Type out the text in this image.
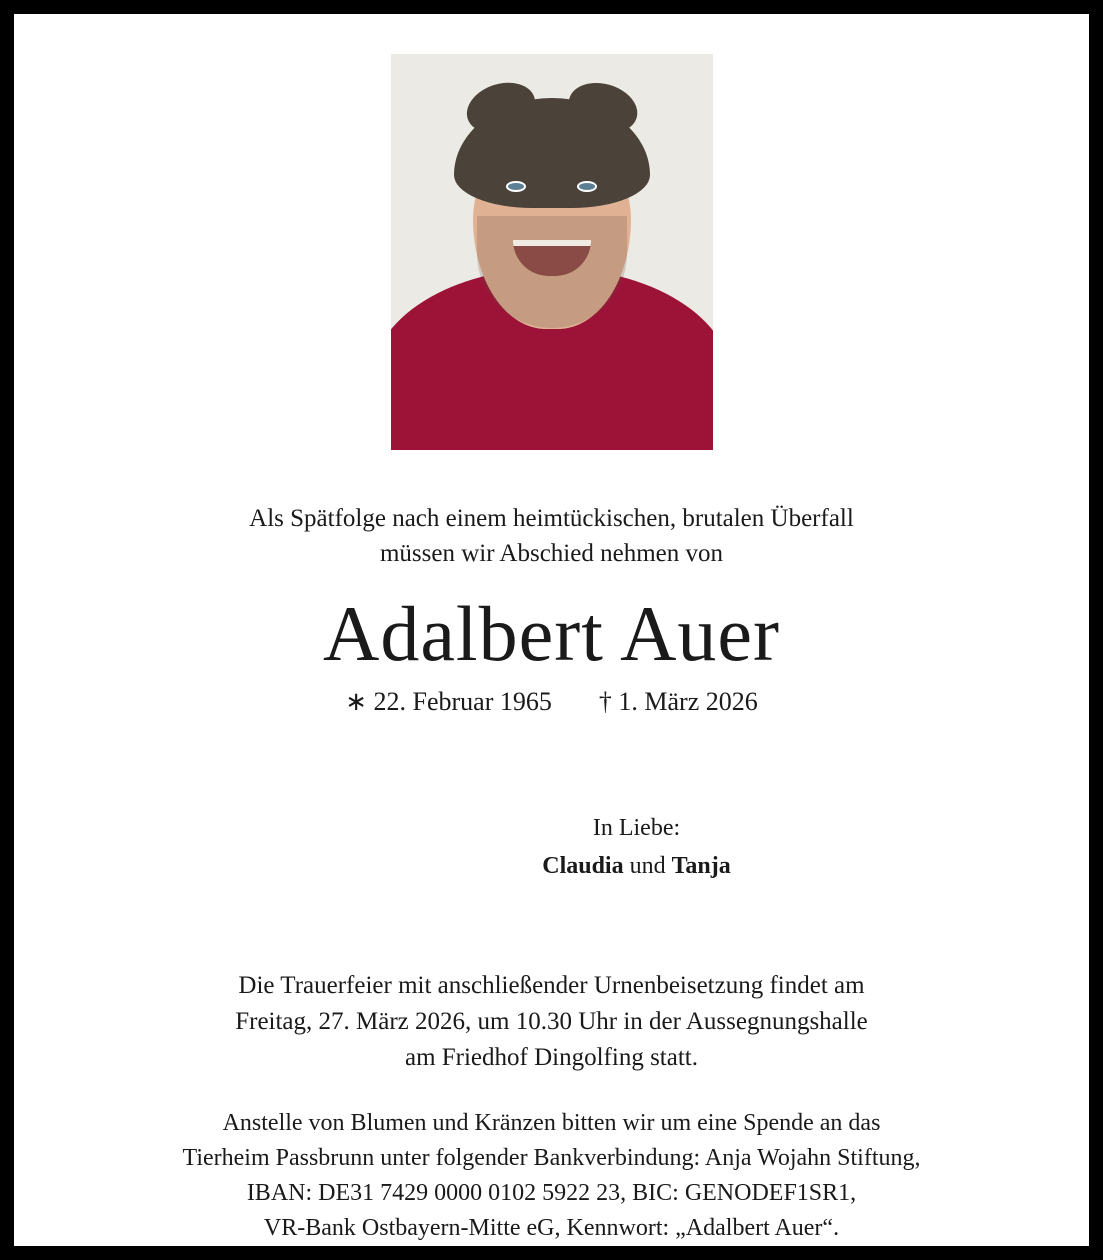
Als Spätfolge nach einem heimtückischen, brutalen Überfall
müssen wir Abschied nehmen von
Adalbert Auer
∗ 22. Februar 1965 † 1. März 2026
In Liebe:
Claudia und Tanja
Die Trauerfeier mit anschließender Urnenbeisetzung findet am
Freitag, 27. März 2026, um 10.30 Uhr in der Aussegnungshalle
am Friedhof Dingolfing statt.
Anstelle von Blumen und Kränzen bitten wir um eine Spende an das
Tierheim Passbrunn unter folgender Bankverbindung: Anja Wojahn Stiftung,
IBAN: DE31 7429 0000 0102 5922 23, BIC: GENODEF1SR1,
VR-Bank Ostbayern-Mitte eG, Kennwort: „Adalbert Auer“.
